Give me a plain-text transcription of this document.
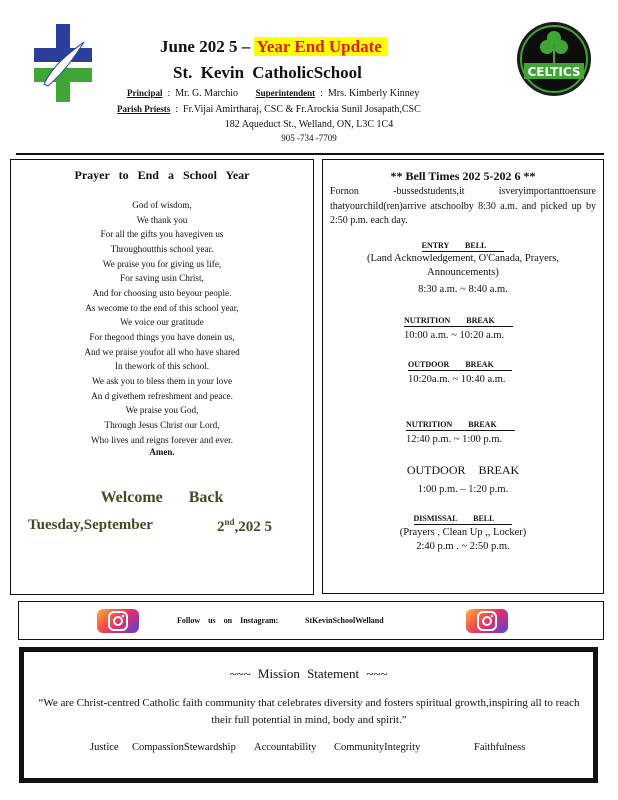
CELTICS
June 202 5 – Year End Update
St. Kevin CatholicSchool
Principal  :  Mr. G. Marchio Superintendent  :  Mrs. Kimberly Kinney
Parish Priests  :  Fr.Vijai Amirtharaj, CSC & Fr.Arockia Sunil Josapath,CSC
182 Aqueduct St., Welland, ON, L3C 1C4
905 -734 -7709
Prayer to End a School Year
God of wisdom,
We thank you
For all the gifts you havegiven us
Throughoutthis school year.
We praise you for giving us life,
For saving usin Christ,
And for choosing usto beyour people.
As wecome to the end of this school year,
We voice our gratitude
For thegood things you have donein us,
And we praise youfor all who have shared
In thework of this school.
We ask you to bless them in your love
An d givethem refreshment and peace.
We praise you God,
Through Jesus Christ our Lord,
Who lives and reigns forever and ever.
Amen.
Welcome Back
Tuesday,September	2nd,202 5
** Bell Times 202 5-202 6 **
Fornon -bussedstudents,it isveryimportanttoensure thatyourchild(ren)arrive atschoolby 8:30 a.m. and picked up by 2:50 p.m. each day.
ENTRY BELL
(Land Acknowledgement, O'Canada, Prayers, Announcements)
8:30 a.m. ~ 8:40 a.m.
NUTRITION BREAK
10:00 a.m. ~ 10:20 a.m.
OUTDOOR BREAK
10:20a.m. ~ 10:40 a.m.
NUTRITION BREAK
12:40 p.m. ~ 1:00 p.m.
OUTDOOR BREAK
1:00 p.m. – 1:20 p.m.
DISMISSAL BELL
(Prayers , Clean Up ,, Locker)
2:40 p.m . ~ 2:50 p.m.
Follow us on Instagram:	StKevinSchoolWelland
~~~ Mission Statement ~~~
“We are Christ-centred Catholic faith community that celebrates diversity and fosters spiritual growth,inspiring all to reach their full potential in mind, body and spirit.”
Justice CompassionStewardship Accountability CommunityIntegrity	Faithfulness
